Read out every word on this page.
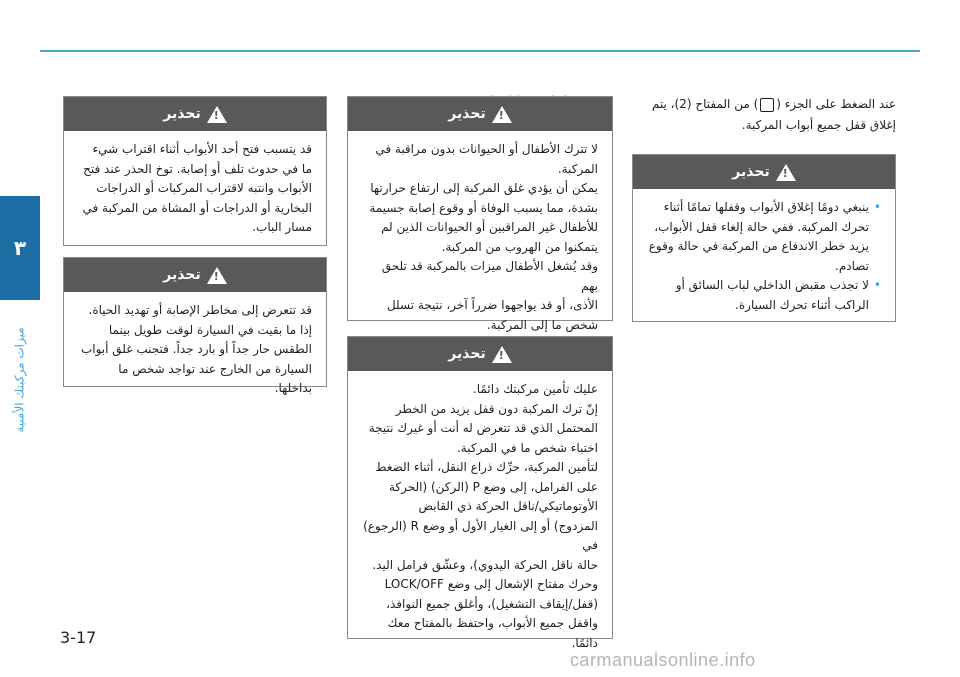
٣
ميزات مركبتك الأمنية
عند الضغط على الجزء () من المفتاح (2)، يتم إغلاق قفل جميع أبواب المركبة.
تحذير
!
• ينبغي دومًا إغلاق الأبواب وقفلها تمامًا أثناء تحرك المركبة. ففي حالة إلغاء قفل الأبواب، يزيد خطر الاندفاع من المركبة في حالة وقوع تصادم.
• لا تجذب مقبض الداخلي لباب السائق أو الراكب أثناء تحرك السيارة.
تحذير
!
لا تترك الأطفال أو الحيوانات بدون مراقبة في
المركبة.
يمكن أن يؤدي غلق المركبة إلى ارتفاع حرارتها
بشدة، مما يسبب الوفاة أو وقوع إصابة جسيمة
للأطفال غير المراقبين أو الحيوانات الذين لم
يتمكنوا من الهروب من المركبة.
وقد يُشغل الأطفال ميزات بالمركبة قد تلحق بهم
الأذى، أو قد يواجهوا ضرراً آخر، نتيجة تسلل
شخص ما إلى المركبة.
تحذير
!
عليك تأمين مركبتك دائمًا.
إنّ ترك المركبة دون قفل يزيد من الخطر
المحتمل الذي قد تتعرض له أنت أو غيرك نتيجة
اختباء شخص ما في المركبة.
لتأمين المركبة، حرِّك ذراع النقل، أثناء الضغط
على الفرامل، إلى وضع P (الركن) (الحركة
الأوتوماتيكي/ناقل الحركة ذي القابض
المزدوج) أو إلى الغيار الأول أو وضع R (الرجوع) في
حالة ناقل الحركة اليدوي)، وعشّق فرامل اليد.
وحرك مفتاح الإشعال إلى وضع LOCK/OFF
(قفل/إيقاف التشغيل)، وأغلق جميع النوافذ،
واقفل جميع الأبواب، واحتفظ بالمفتاح معك
دائمًا.
تحذير
!
قد يتسبب فتح أحد الأبواب أثناء اقتراب شيء
ما في حدوث تلف أو إصابة. توخ الحذر عند فتح
الأبواب وانتبه لاقتراب المركبات أو الدراجات
البخارية أو الدراجات أو المشاة من المركبة في
مسار الباب.
تحذير
!
قد تتعرض إلى مخاطر الإصابة أو تهديد الحياة.
إذا ما بقيت في السيارة لوقت طويل بينما
الطقس حار جداً أو بارد جداً. فتجنب غلق أبواب
السيارة من الخارج عند تواجد شخص ما بداخلها.
3-17
carmanualsonline.info
